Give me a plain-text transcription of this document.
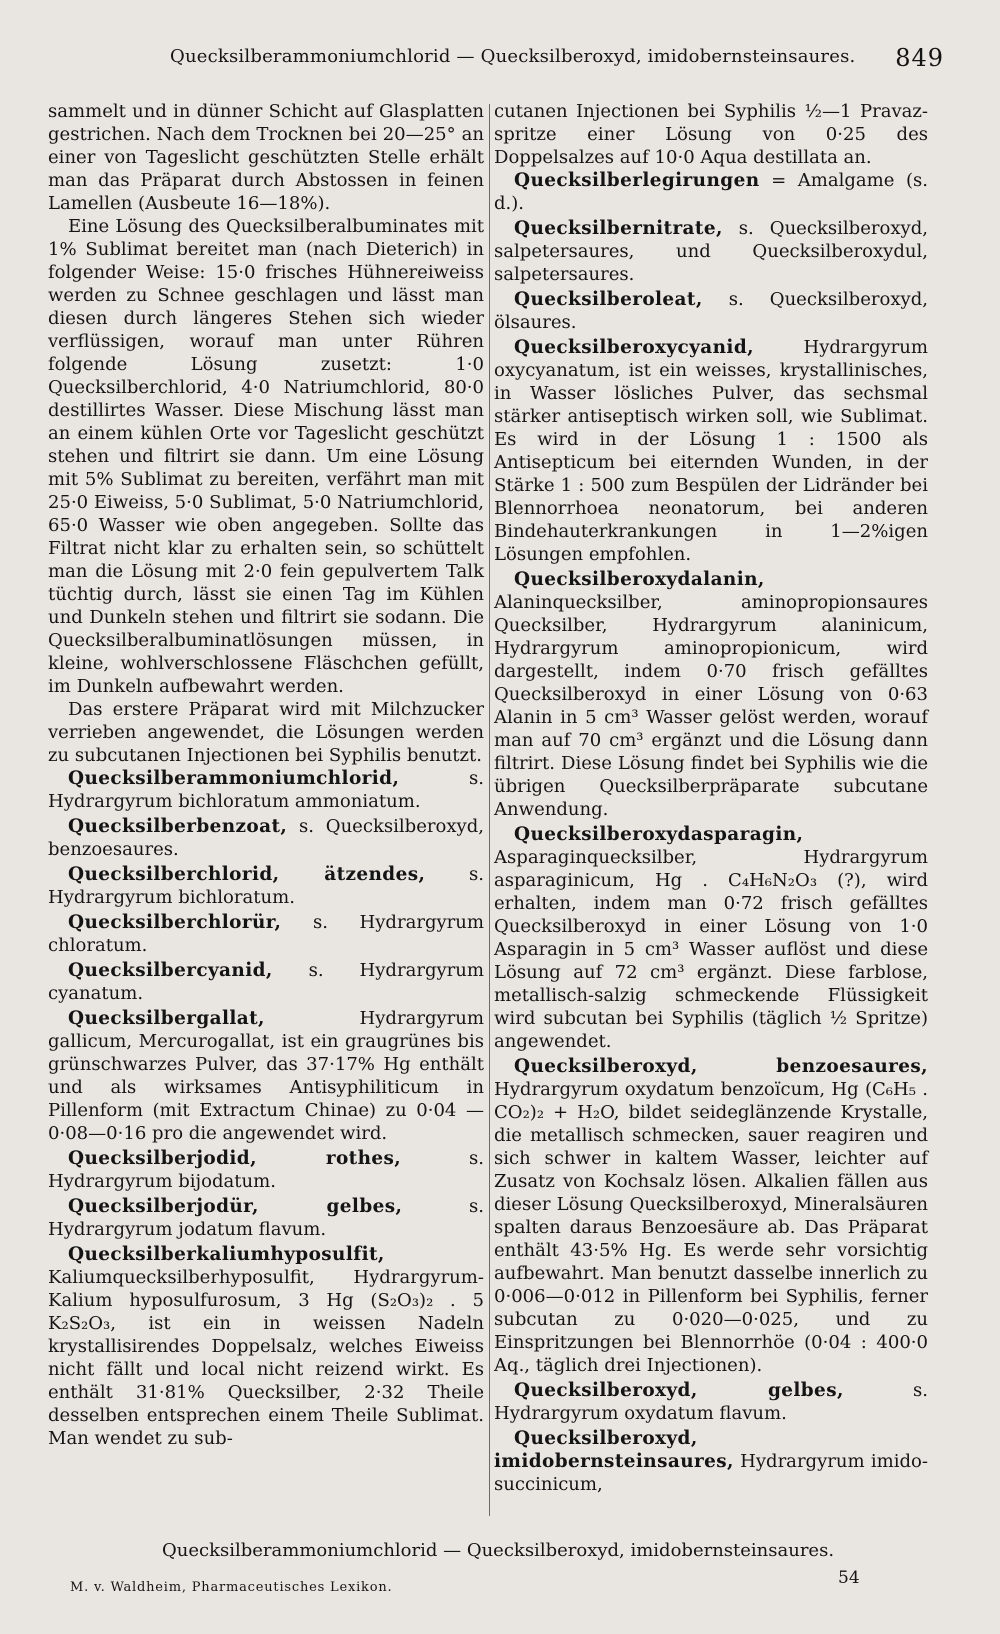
Quecksilberammoniumchlorid — Quecksilberoxyd, imidobernsteinsaures. 849

sammelt und in dünner Schicht auf Glasplatten gestrichen. Nach dem Trocknen bei 20—25° an einer von Tageslicht geschützten Stelle erhält man das Präparat durch Abstossen in feinen Lamellen (Ausbeute 16—18%).

Eine Lösung des Quecksilberalbuminates mit 1% Sublimat bereitet man (nach Dieterich) in folgender Weise: 15·0 frisches Hühnereiweiss werden zu Schnee geschlagen und lässt man diesen durch längeres Stehen sich wieder verflüssigen, worauf man unter Rühren folgende Lösung zusetzt: 1·0 Quecksilberchlorid, 4·0 Natriumchlorid, 80·0 destillirtes Wasser. Diese Mischung lässt man an einem kühlen Orte vor Tageslicht geschützt stehen und filtrirt sie dann. Um eine Lösung mit 5% Sublimat zu bereiten, verfährt man mit 25·0 Eiweiss, 5·0 Sublimat, 5·0 Natriumchlorid, 65·0 Wasser wie oben angegeben. Sollte das Filtrat nicht klar zu erhalten sein, so schüttelt man die Lösung mit 2·0 fein gepulvertem Talk tüchtig durch, lässt sie einen Tag im Kühlen und Dunkeln stehen und filtrirt sie sodann. Die Quecksilberalbuminatlösungen müssen, in kleine, wohlverschlossene Fläschchen gefüllt, im Dunkeln aufbewahrt werden.

Das erstere Präparat wird mit Milchzucker verrieben angewendet, die Lösungen werden zu subcutanen Injectionen bei Syphilis benutzt.

Quecksilberammoniumchlorid, s. Hydrargyrum bichloratum ammoniatum.

Quecksilberbenzoat, s. Quecksilberoxyd, benzoesaures.

Quecksilberchlorid, ätzendes, s. Hydrargyrum bichloratum.

Quecksilberchlorür, s. Hydrargyrum chloratum.

Quecksilbercyanid, s. Hydrargyrum cyanatum.

Quecksilbergallat, Hydrargyrum gallicum, Mercurogallat, ist ein graugrünes bis grünschwarzes Pulver, das 37·17% Hg enthält und als wirksames Antisyphiliticum in Pillenform (mit Extractum Chinae) zu 0·04 — 0·08—0·16 pro die angewendet wird.

Quecksilberjodid, rothes, s. Hydrargyrum bijodatum.

Quecksilberjodür, gelbes, s. Hydrargyrum jodatum flavum.

Quecksilberkaliumhyposulfit, Kaliumquecksilberhyposulfit, Hydrargyrum-Kalium hyposulfurosum, 3 Hg (S₂O₃)₂ . 5 K₂S₂O₃, ist ein in weissen Nadeln krystallisirendes Doppelsalz, welches Eiweiss nicht fällt und local nicht reizend wirkt. Es enthält 31·81% Quecksilber, 2·32 Theile desselben entsprechen einem Theile Sublimat. Man wendet zu sub-

cutanen Injectionen bei Syphilis ½—1 Pravaz-spritze einer Lösung von 0·25 des Doppelsalzes auf 10·0 Aqua destillata an.

Quecksilberlegirungen = Amalgame (s. d.).

Quecksilbernitrate, s. Quecksilberoxyd, salpetersaures, und Quecksilberoxydul, salpetersaures.

Quecksilberoleat, s. Quecksilberoxyd, ölsaures.

Quecksilberoxycyanid, Hydrargyrum oxycyanatum, ist ein weisses, krystallinisches, in Wasser lösliches Pulver, das sechsmal stärker antiseptisch wirken soll, wie Sublimat. Es wird in der Lösung 1 : 1500 als Antisepticum bei eiternden Wunden, in der Stärke 1 : 500 zum Bespülen der Lidränder bei Blennorrhoea neonatorum, bei anderen Bindehauterkrankungen in 1—2%igen Lösungen empfohlen.

Quecksilberoxydalanin, Alaninquecksilber, aminopropionsaures Quecksilber, Hydrargyrum alaninicum, Hydrargyrum aminopropionicum, wird dargestellt, indem 0·70 frisch gefälltes Quecksilberoxyd in einer Lösung von 0·63 Alanin in 5 cm³ Wasser gelöst werden, worauf man auf 70 cm³ ergänzt und die Lösung dann filtrirt. Diese Lösung findet bei Syphilis wie die übrigen Quecksilberpräparate subcutane Anwendung.

Quecksilberoxydasparagin, Asparaginquecksilber, Hydrargyrum asparaginicum, Hg . C₄H₆N₂O₃ (?), wird erhalten, indem man 0·72 frisch gefälltes Quecksilberoxyd in einer Lösung von 1·0 Asparagin in 5 cm³ Wasser auflöst und diese Lösung auf 72 cm³ ergänzt. Diese farblose, metallisch-salzig schmeckende Flüssigkeit wird subcutan bei Syphilis (täglich ½ Spritze) angewendet.

Quecksilberoxyd, benzoesaures, Hydrargyrum oxydatum benzoïcum, Hg (C₆H₅ . CO₂)₂ + H₂O, bildet seideglänzende Krystalle, die metallisch schmecken, sauer reagiren und sich schwer in kaltem Wasser, leichter auf Zusatz von Kochsalz lösen. Alkalien fällen aus dieser Lösung Quecksilberoxyd, Mineralsäuren spalten daraus Benzoesäure ab. Das Präparat enthält 43·5% Hg. Es werde sehr vorsichtig aufbewahrt. Man benutzt dasselbe innerlich zu 0·006—0·012 in Pillenform bei Syphilis, ferner subcutan zu 0·020—0·025, und zu Einspritzungen bei Blennorrhöe (0·04 : 400·0 Aq., täglich drei Injectionen).

Quecksilberoxyd, gelbes, s. Hydrargyrum oxydatum flavum.

Quecksilberoxyd, imidobernsteinsaures, Hydrargyrum imido-succinicum,

Quecksilberammoniumchlorid — Quecksilberoxyd, imidobernsteinsaures.
M. v. Waldheim, Pharmaceutisches Lexikon.	54
